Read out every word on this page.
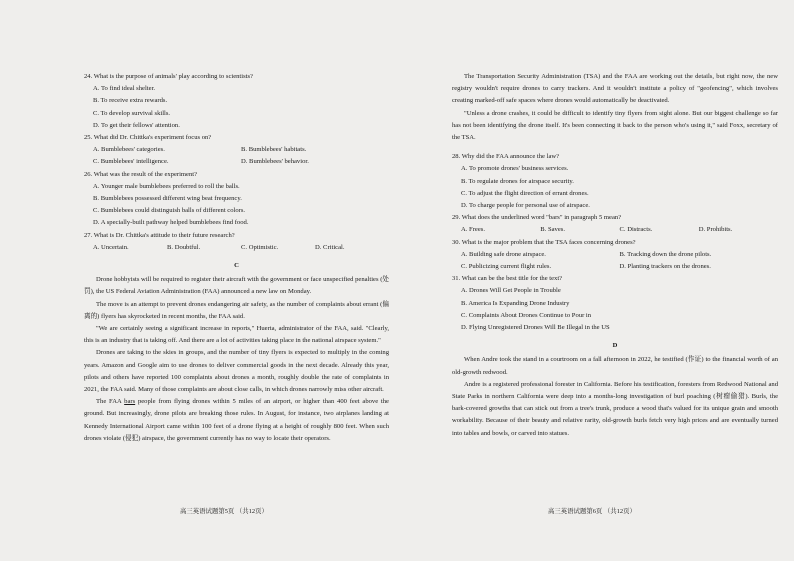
24. What is the purpose of animals' play according to scientists?

A. To find ideal shelter.

B. To receive extra rewards.

C. To develop survival skills.

D. To get their fellows' attention.

25. What did Dr. Chittka's experiment focus on?

A. Bumblebees' categories.	B. Bumblebees' habitats.
C. Bumblebees' intelligence.	D. Bumblebees' behavior.

26. What was the result of the experiment?

A. Younger male bumblebees preferred to roll the balls.

B. Bumblebees possessed different wing beat frequency.

C. Bumblebees could distinguish balls of different colors.

D. A specially-built pathway helped bumblebees find food.

27. What is Dr. Chittka's attitude to their future research?

A. Uncertain.	B. Doubtful.	C. Optimistic.	D. Critical.
C

Drone hobbyists will be required to register their aircraft with the government or face unspecified penalties (处罚), the US Federal Aviation Administration (FAA) announced a new law on Monday.

The move is an attempt to prevent drones endangering air safety, as the number of complaints about errant (偏离的) flyers has skyrocketed in recent months, the FAA said.

"We are certainly seeing a significant increase in reports," Huerta, administrator of the FAA, said. "Clearly, this is an industry that is taking off. And there are a lot of activities taking place in the national airspace system."

Drones are taking to the skies in groups, and the number of tiny flyers is expected to multiply in the coming years. Amazon and Google aim to use drones to deliver commercial goods in the next decade. Already this year, pilots and others have reported 100 complaints about drones a month, roughly double the rate of complaints in 2021, the FAA said. Many of those complaints are about close calls, in which drones narrowly miss other aircraft.

The FAA bars people from flying drones within 5 miles of an airport, or higher than 400 feet above the ground. But increasingly, drone pilots are breaking those rules. In August, for instance, two airplanes landing at Kennedy International Airport came within 100 feet of a drone flying at a height of roughly 800 feet. When such drones violate (侵犯) airspace, the government currently has no way to locate their operators.

The Transportation Security Administration (TSA) and the FAA are working out the details, but right now, the new registry wouldn't require drones to carry trackers. And it wouldn't institute a policy of "geofencing", which involves creating marked-off safe spaces where drones would automatically be deactivated.

"Unless a drone crashes, it could be difficult to identify tiny flyers from sight alone. But our biggest challenge so far has not been identifying the drone itself. It's been connecting it back to the person who's using it," said Foxx, secretary of the TSA.

28. Why did the FAA announce the law?

A. To promote drones' business services.

B. To regulate drones for airspace security.

C. To adjust the flight direction of errant drones.

D. To charge people for personal use of airspace.

29. What does the underlined word "bars" in paragraph 5 mean?

A. Frees.	B. Saves.	C. Distracts.	D. Prohibits.

30. What is the major problem that the TSA faces concerning drones?

A. Building safe drone airspace.	B. Tracking down the drone pilots.
C. Publicizing current flight rules.	D. Planting trackers on the drones.

31. What can be the best title for the text?

A. Drones Will Get People in Trouble

B. America Is Expanding Drone Industry

C. Complaints About Drones Continue to Pour in

D. Flying Unregistered Drones Will Be Illegal in the US

D

When Andre took the stand in a courtroom on a fall afternoon in 2022, he testified (作证) to the financial worth of an old-growth redwood.

Andre is a registered professional forester in California. Before his testification, foresters from Redwood National and State Parks in northern California were deep into a months-long investigation of burl poaching (树瘤偷猎). Burls, the bark-covered growths that can stick out from a tree's trunk, produce a wood that's valued for its unique grain and smooth workability. Because of their beauty and relative rarity, old-growth burls fetch very high prices and are eventually turned into tables and bowls, or carved into statues.

高三英语试题第5页 （共12页）	高三英语试题第6页 （共12页）
